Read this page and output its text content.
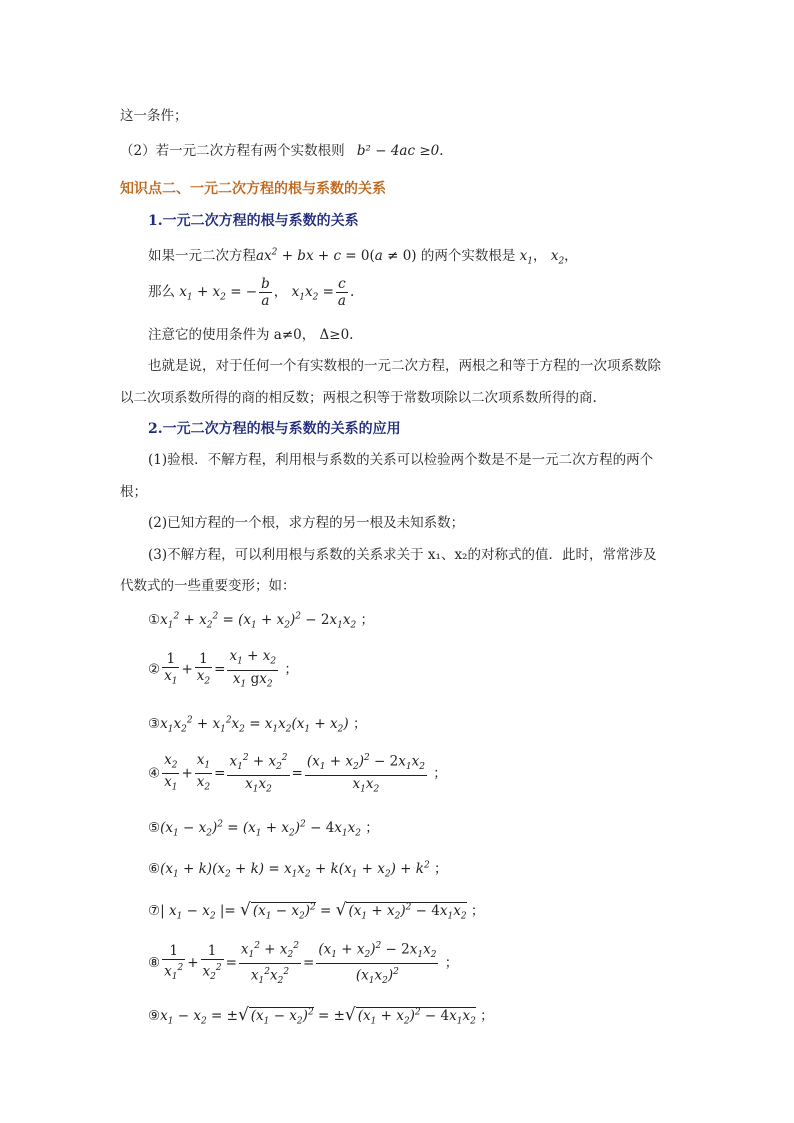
这一条件；
（2）若一元二次方程有两个实数根则 b² − 4ac ≥0.
知识点二、一元二次方程的根与系数的关系
1.一元二次方程的根与系数的关系
如果一元二次方程$ax^2$ + bx + c = 0(a ≠ 0) 的两个实数根是 $x_1$， $x_2$，
那么 $x_1 + x_2$ = − $\frac{b}{a}$ ， $x_1x_2 = \frac{c}{a}$ .
注意它的使用条件为 a≠0， Δ≥0.
也就是说，对于任何一个有实数根的一元二次方程，两根之和等于方程的一次项系数除
以二次项系数所得的商的相反数；两根之积等于常数项除以二次项系数所得的商.
2.一元二次方程的根与系数的关系的应用
(1)验根．不解方程，利用根与系数的关系可以检验两个数是不是一元二次方程的两个
根；
(2)已知方程的一个根，求方程的另一根及未知系数；
(3)不解方程，可以利用根与系数的关系求关于 x₁、x₂的对称式的值．此时，常常涉及
代数式的一些重要变形；如：
$①x_1^2 + x_2^2 = (x_1 + x_2)^2 - 2x_1x_2$ ；
② $\frac{1}{x_1} + \frac{1}{x_2} = \frac{x_1 + x_2}{x_1 gx_2}$ ；
$③x_1x_2^2 + x_1^2x_2 = x_1x_2(x_1 + x_2)$ ；
④ $\frac{x_2}{x_1} + \frac{x_1}{x_2} = \frac{x_1^2 + x_2^2}{x_1x_2} = \frac{(x_1 + x_2)^2 - 2x_1x_2}{x_1x_2}$ ；
$⑤(x_1 - x_2)^2 = (x_1 + x_2)^2 - 4x_1x_2$ ；
$⑥(x_1 + k)(x_2 + k) = x_1x_2 + k(x_1 + x_2) + k^2$ ；
⑦| $x_1 - x_2$ |= √ $(x_1 - x_2)^2$ = √ $(x_1 + x_2)^2 - 4x_1x_2$ ；
⑧ $\frac{1}{x_1^2} + \frac{1}{x_2^2} = \frac{x_1^2 + x_2^2}{x_1^2x_2^2} = \frac{(x_1 + x_2)^2 - 2x_1x_2}{(x_1x_2)^2}$ ；
$⑨x_1 - x_2$ = ±√ $(x_1 - x_2)^2$ = ±√ $(x_1 + x_2)^2 - 4x_1x_2$ ；
